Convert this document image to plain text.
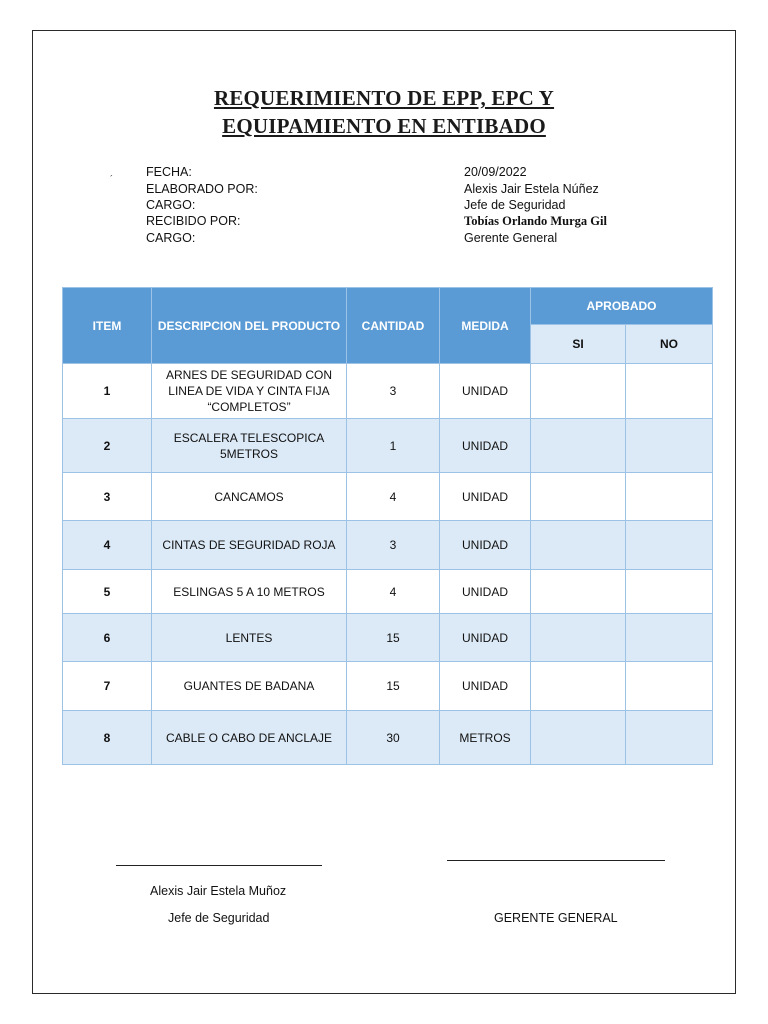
REQUERIMIENTO DE EPP, EPC Y
EQUIPAMIENTO EN ENTIBADO
´	FECHA:	20/09/2022
ELABORADO POR:	Alexis Jair Estela Núñez
CARGO:	Jefe de Seguridad
RECIBIDO POR:	Tobías Orlando Murga Gil
CARGO:	Gerente General
ITEM	DESCRIPCION DEL PRODUCTO	CANTIDAD	MEDIDA	APROBADO	
				SI	NO
1	ARNES DE SEGURIDAD CON LINEA DE VIDA Y CINTA FIJA “COMPLETOS”	3	UNIDAD		
2	ESCALERA TELESCOPICA 5METROS	1	UNIDAD		
3	CANCAMOS	4	UNIDAD		
4	CINTAS DE SEGURIDAD ROJA	3	UNIDAD		
5	ESLINGAS 5 A 10 METROS	4	UNIDAD		
6	LENTES	15	UNIDAD		
7	GUANTES DE BADANA	15	UNIDAD		
8	CABLE O CABO DE ANCLAJE	30	METROS		
Alexis Jair Estela Muñoz
Jefe de Seguridad	GERENTE GENERAL
